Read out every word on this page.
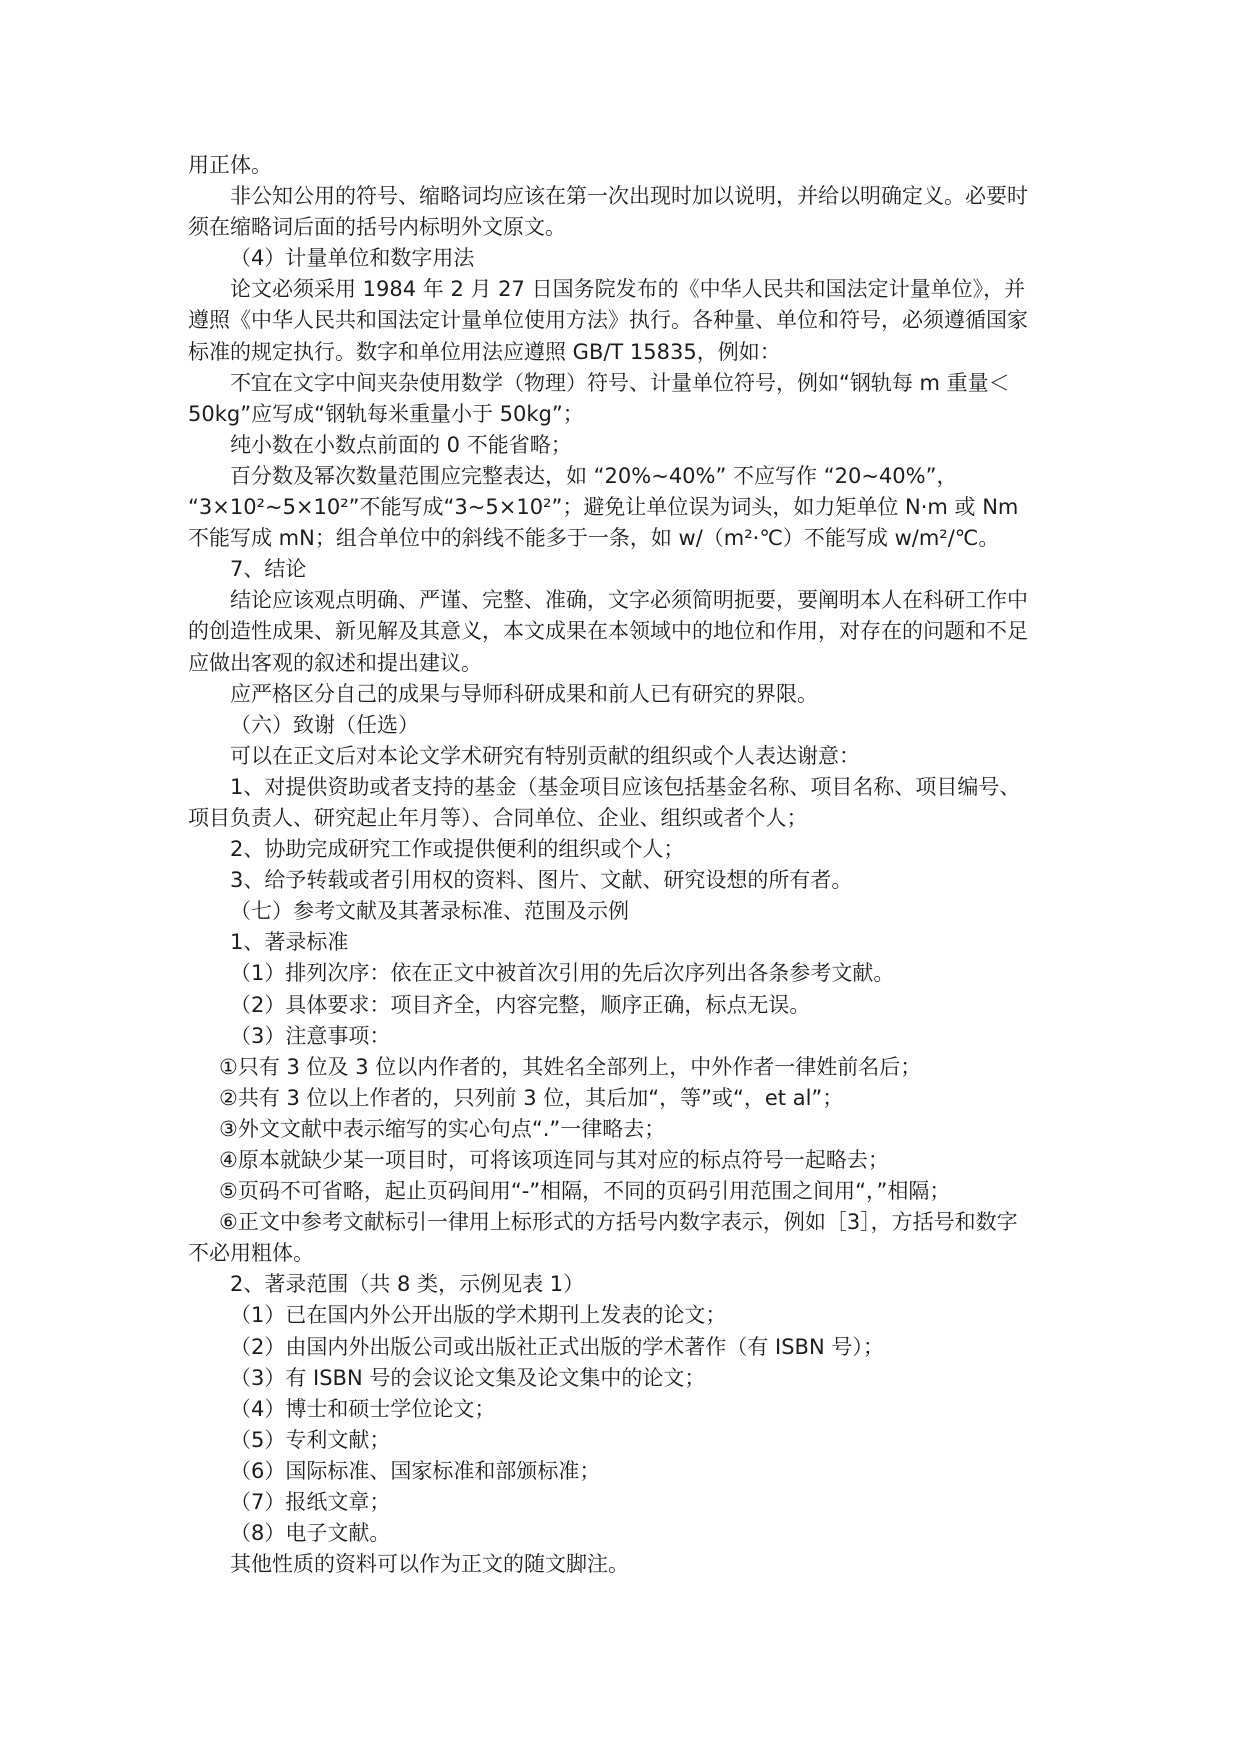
用正体。
非公知公用的符号、缩略词均应该在第一次出现时加以说明，并给以明确定义。必要时
须在缩略词后面的括号内标明外文原文。
（4）计量单位和数字用法
论文必须采用 1984 年 2 月 27 日国务院发布的《中华人民共和国法定计量单位》，并
遵照《中华人民共和国法定计量单位使用方法》执行。各种量、单位和符号，必须遵循国家
标准的规定执行。数字和单位用法应遵照 GB/T 15835，例如：
不宜在文字中间夹杂使用数学（物理）符号、计量单位符号，例如“钢轨每 m 重量＜
50kg”应写成“钢轨每米重量小于 50kg”；
纯小数在小数点前面的 0 不能省略；
百分数及幂次数量范围应完整表达，如 “20%~40%” 不应写作 “20~40%”，
“3×10²~5×10²”不能写成“3~5×10²”；避免让单位误为词头，如力矩单位 N·m 或 Nm
不能写成 mN；组合单位中的斜线不能多于一条，如 w/（m²·℃）不能写成 w/m²/℃。
7、结论
结论应该观点明确、严谨、完整、准确，文字必须简明扼要，要阐明本人在科研工作中
的创造性成果、新见解及其意义，本文成果在本领域中的地位和作用，对存在的问题和不足
应做出客观的叙述和提出建议。
应严格区分自己的成果与导师科研成果和前人已有研究的界限。
（六）致谢（任选）
可以在正文后对本论文学术研究有特别贡献的组织或个人表达谢意：
1、对提供资助或者支持的基金（基金项目应该包括基金名称、项目名称、项目编号、
项目负责人、研究起止年月等）、合同单位、企业、组织或者个人；
2、协助完成研究工作或提供便利的组织或个人；
3、给予转载或者引用权的资料、图片、文献、研究设想的所有者。
（七）参考文献及其著录标准、范围及示例
1、著录标准
（1）排列次序：依在正文中被首次引用的先后次序列出各条参考文献。
（2）具体要求：项目齐全，内容完整，顺序正确，标点无误。
（3）注意事项：
①只有 3 位及 3 位以内作者的，其姓名全部列上，中外作者一律姓前名后；
②共有 3 位以上作者的，只列前 3 位，其后加“，等”或“，et al”；
③外文文献中表示缩写的实心句点“.”一律略去；
④原本就缺少某一项目时，可将该项连同与其对应的标点符号一起略去；
⑤页码不可省略，起止页码间用“-”相隔，不同的页码引用范围之间用“，”相隔；
⑥正文中参考文献标引一律用上标形式的方括号内数字表示，例如［3］，方括号和数字
不必用粗体。
2、著录范围（共 8 类，示例见表 1）
（1）已在国内外公开出版的学术期刊上发表的论文；
（2）由国内外出版公司或出版社正式出版的学术著作（有 ISBN 号）；
（3）有 ISBN 号的会议论文集及论文集中的论文；
（4）博士和硕士学位论文；
（5）专利文献；
（6）国际标准、国家标准和部颁标准；
（7）报纸文章；
（8）电子文献。
其他性质的资料可以作为正文的随文脚注。
